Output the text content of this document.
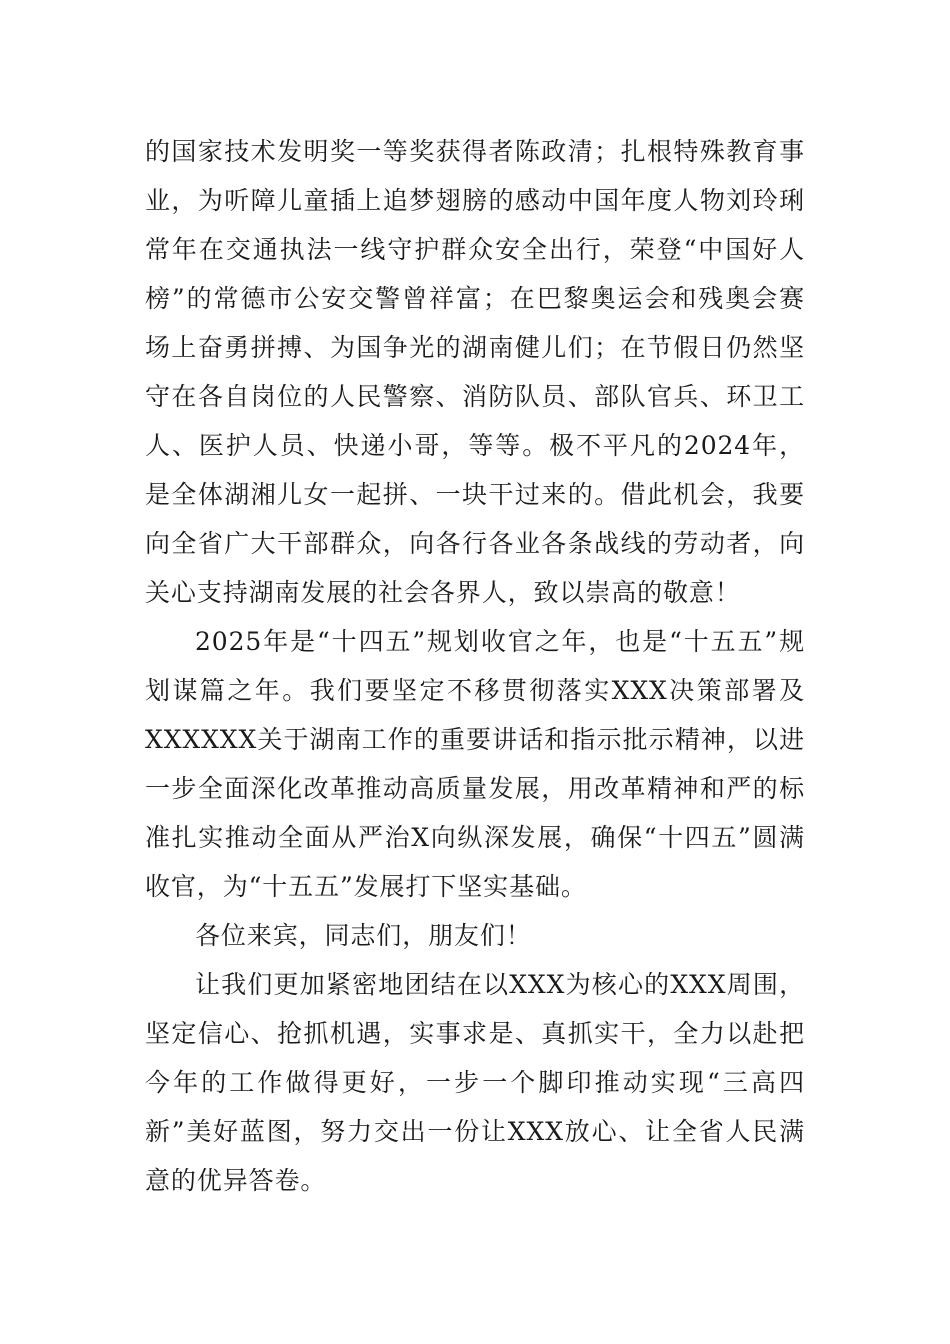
的国家技术发明奖一等奖获得者陈政清；扎根特殊教育事业，为听障儿童插上追梦翅膀的感动中国年度人物刘玲琍常年在交通执法一线守护群众安全出行，荣登“中国好人榜”的常德市公安交警曾祥富；在巴黎奥运会和残奥会赛场上奋勇拼搏、为国争光的湖南健儿们；在节假日仍然坚守在各自岗位的人民警察、消防队员、部队官兵、环卫工人、医护人员、快递小哥，等等。极不平凡的2024年，是全体湖湘儿女一起拼、一块干过来的。借此机会，我要向全省广大干部群众，向各行各业各条战线的劳动者，向关心支持湖南发展的社会各界人，致以崇高的敬意！

2025年是“十四五”规划收官之年，也是“十五五”规划谋篇之年。我们要坚定不移贯彻落实XXX决策部署及XXXXXX关于湖南工作的重要讲话和指示批示精神，以进一步全面深化改革推动高质量发展，用改革精神和严的标准扎实推动全面从严治X向纵深发展，确保“十四五”圆满收官，为“十五五”发展打下坚实基础。

各位来宾，同志们，朋友们！

让我们更加紧密地团结在以XXX为核心的XXX周围，坚定信心、抢抓机遇，实事求是、真抓实干，全力以赴把今年的工作做得更好，一步一个脚印推动实现“三高四新”美好蓝图，努力交出一份让XXX放心、让全省人民满意的优异答卷。
